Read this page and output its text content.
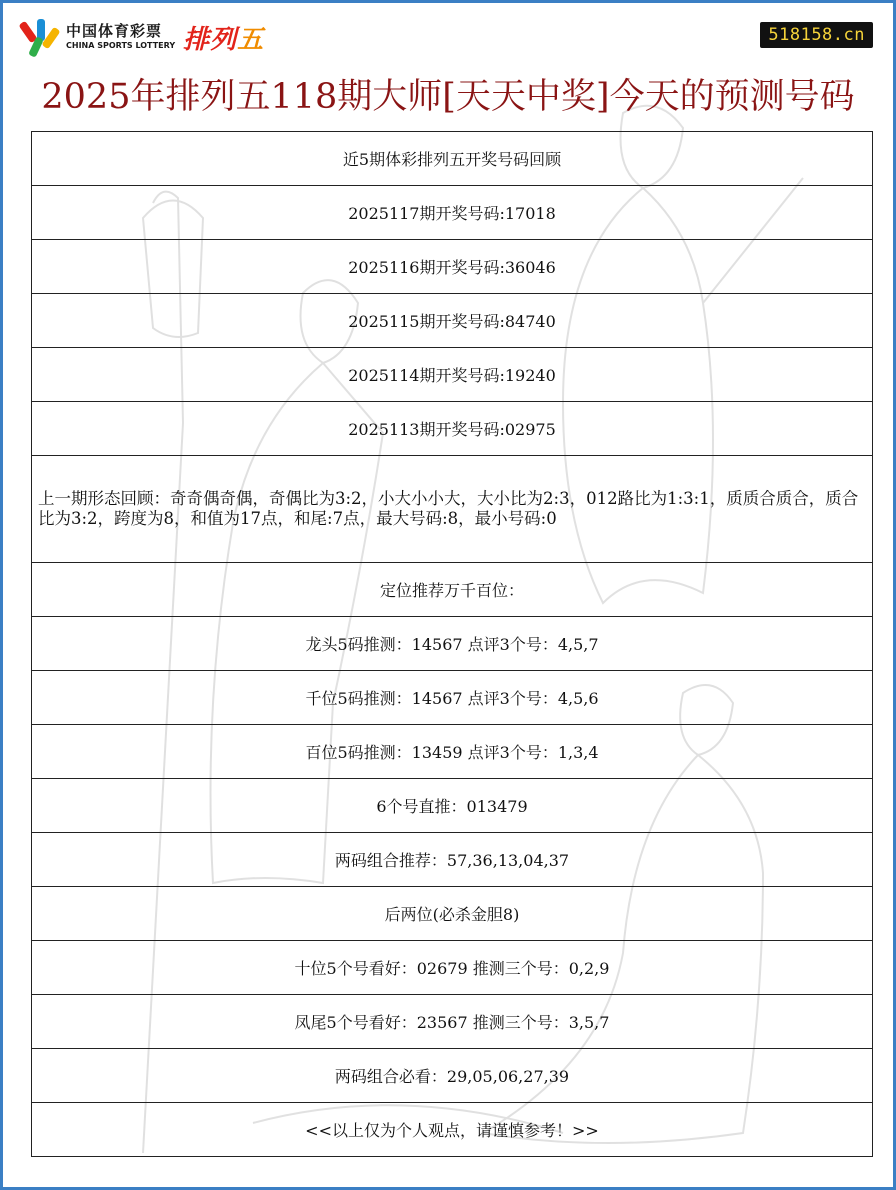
中国体育彩票
CHINA SPORTS LOTTERY 排列五	518158.cn
2025年排列五118期大师[天天中奖]今天的预测号码
近5期体彩排列五开奖号码回顾
2025117期开奖号码:17018
2025116期开奖号码:36046
2025115期开奖号码:84740
2025114期开奖号码:19240
2025113期开奖号码:02975
上一期形态回顾：奇奇偶奇偶，奇偶比为3:2，小大小小大，大小比为2:3，012路比为1:3:1，质质合质合，质合比为3:2，跨度为8，和值为17点，和尾:7点，最大号码:8，最小号码:0
定位推荐万千百位：
龙头5码推测：14567 点评3个号：4,5,7
千位5码推测：14567 点评3个号：4,5,6
百位5码推测：13459 点评3个号：1,3,4
6个号直推：013479
两码组合推荐：57,36,13,04,37
后两位(必杀金胆8)
十位5个号看好：02679 推测三个号：0,2,9
凤尾5个号看好：23567 推测三个号：3,5,7
两码组合必看：29,05,06,27,39
<<以上仅为个人观点，请谨慎参考！>>
